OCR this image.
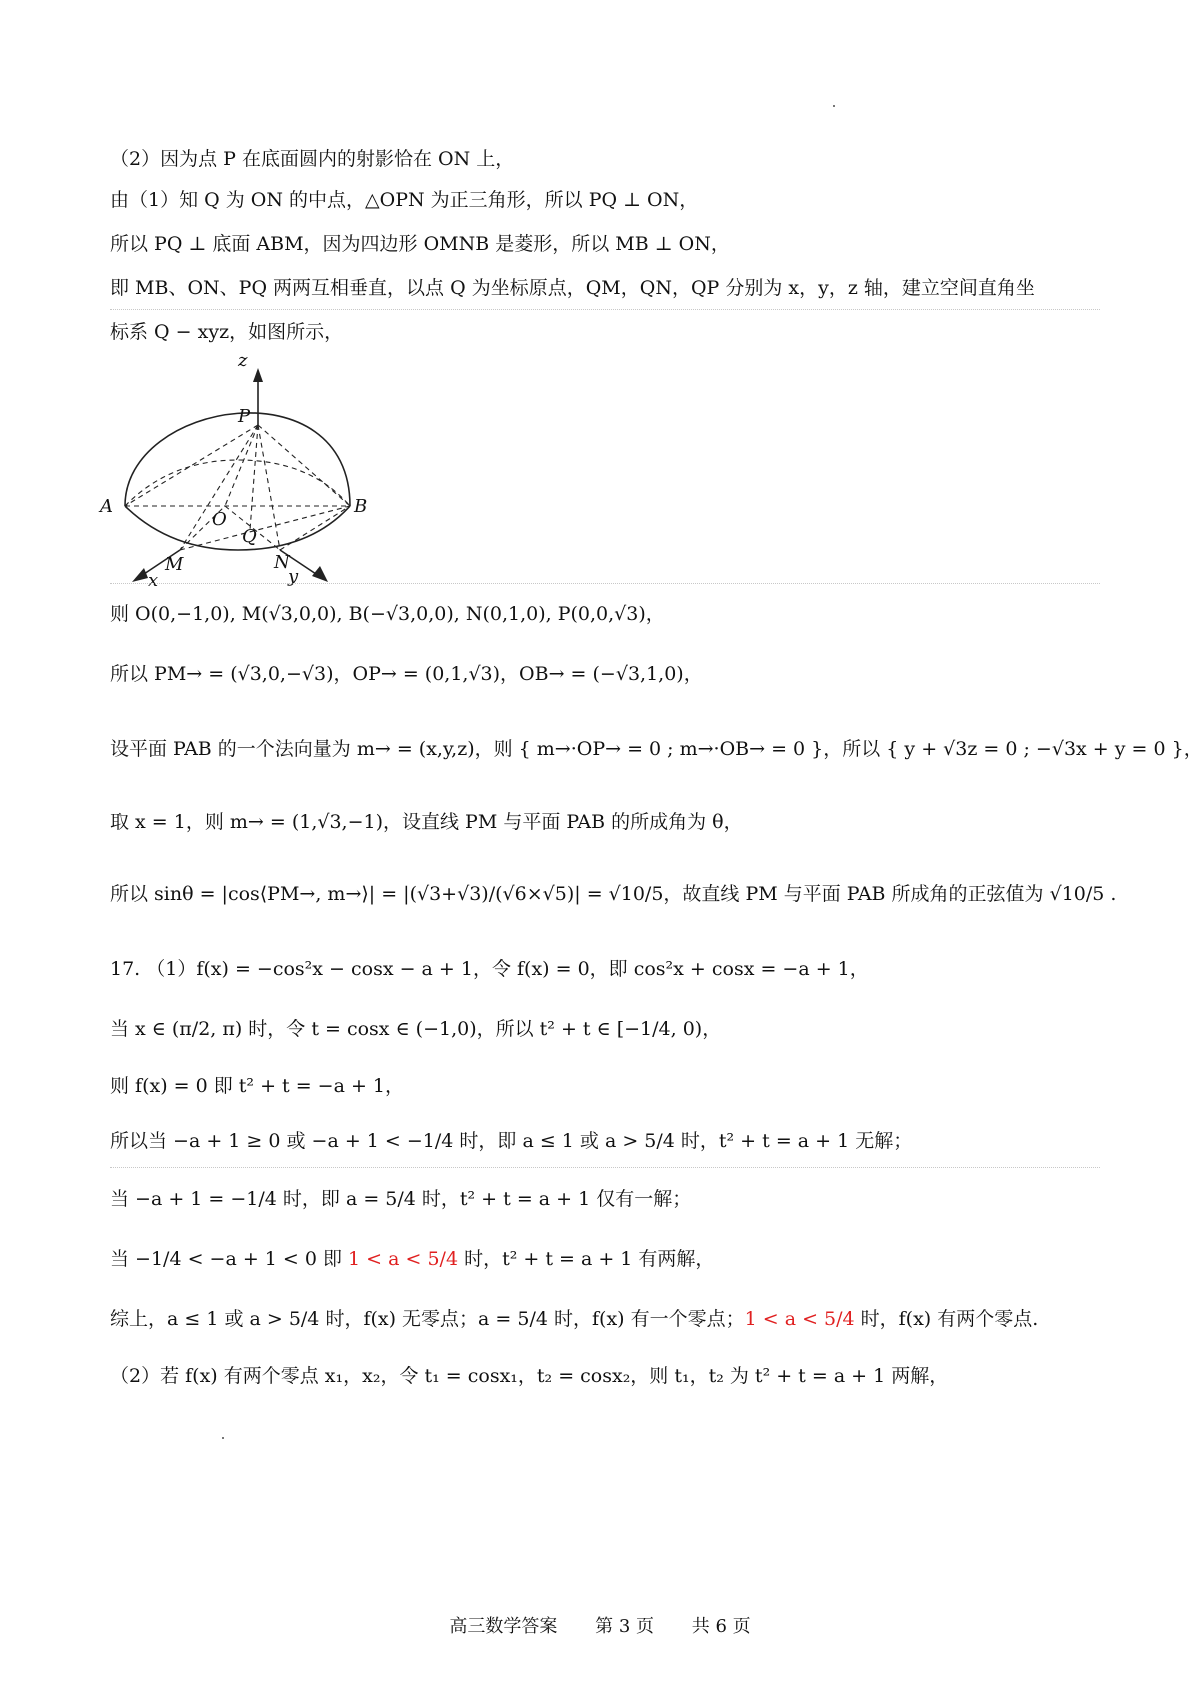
（2）因为点 P 在底面圆内的射影恰在 ON 上，
由（1）知 Q 为 ON 的中点，△OPN 为正三角形，所以 PQ ⊥ ON，
所以 PQ ⊥ 底面 ABM，因为四边形 OMNB 是菱形，所以 MB ⊥ ON，
即 MB、ON、PQ 两两互相垂直，以点 Q 为坐标原点，QM，QN，QP 分别为 x，y，z 轴，建立空间直角坐
标系 Q − xyz，如图所示，
z
P
A	B
O
Q
M	N
x	y
则 O(0,−1,0), M(√3,0,0), B(−√3,0,0), N(0,1,0), P(0,0,√3)，
所以 PM→ = (√3,0,−√3)，OP→ = (0,1,√3)，OB→ = (−√3,1,0)，
设平面 PAB 的一个法向量为 m→ = (x,y,z)，则 { m→·OP→ = 0 ; m→·OB→ = 0 }，所以 { y + √3z = 0 ; −√3x + y = 0 }，
取 x = 1，则 m→ = (1,√3,−1)，设直线 PM 与平面 PAB 的所成角为 θ，
所以 sinθ = |cos⟨PM→, m→⟩| = |(√3+√3)/(√6×√5)| = √10/5，故直线 PM 与平面 PAB 所成角的正弦值为 √10/5 .
17. （1）f(x) = −cos²x − cosx − a + 1，令 f(x) = 0，即 cos²x + cosx = −a + 1，
当 x ∈ (π/2, π) 时，令 t = cosx ∈ (−1,0)，所以 t² + t ∈ [−1/4, 0)，
则 f(x) = 0 即 t² + t = −a + 1，
所以当 −a + 1 ≥ 0 或 −a + 1 < −1/4 时，即 a ≤ 1 或 a > 5/4 时，t² + t = a + 1 无解；
当 −a + 1 = −1/4 时，即 a = 5/4 时，t² + t = a + 1 仅有一解；
当 −1/4 < −a + 1 < 0 即 1 < a < 5/4 时，t² + t = a + 1 有两解，
综上，a ≤ 1 或 a > 5/4 时，f(x) 无零点；a = 5/4 时，f(x) 有一个零点；1 < a < 5/4 时，f(x) 有两个零点.
（2）若 f(x) 有两个零点 x₁，x₂，令 t₁ = cosx₁，t₂ = cosx₂，则 t₁，t₂ 为 t² + t = a + 1 两解，
高三数学答案 第 3 页 共 6 页
